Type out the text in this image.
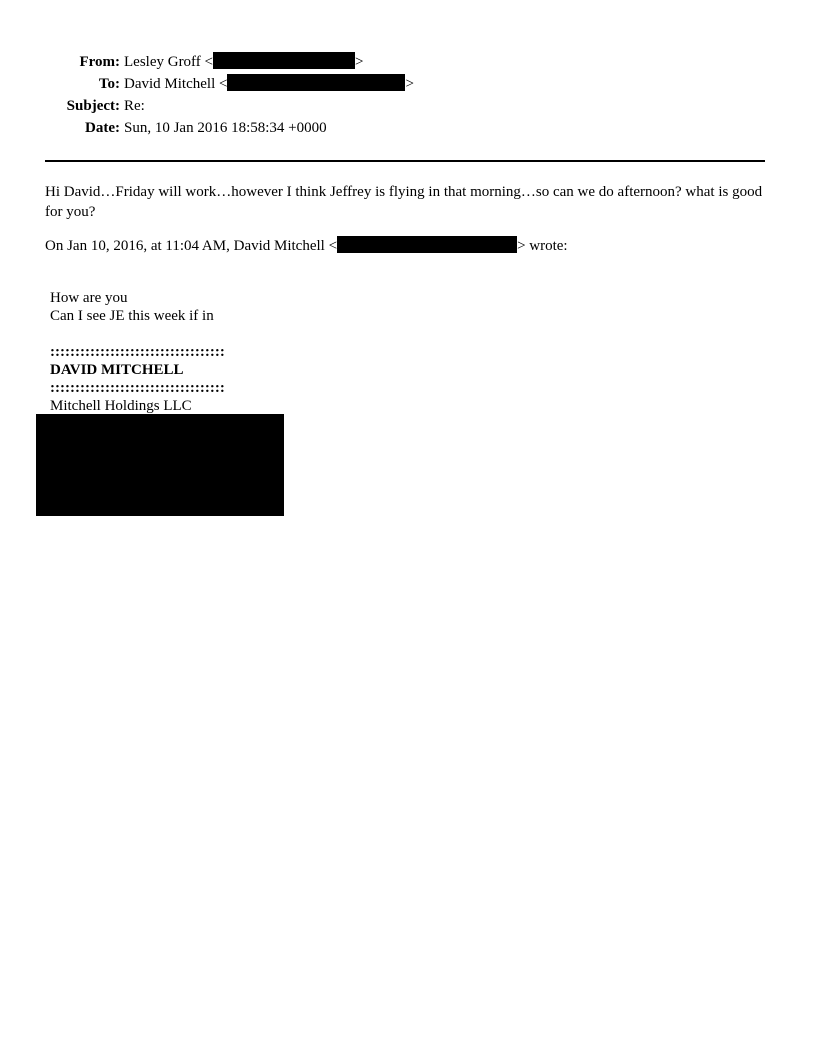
From: Lesley Groff <	>
To: David Mitchell <	>
Subject: Re:
Date: Sun, 10 Jan 2016 18:58:34 +0000
Hi David…Friday will work…however I think Jeffrey is flying in that morning…so can we do afternoon? what is good for you?
On Jan 10, 2016, at 11:04 AM, David Mitchell <	> wrote:
How are you
Can I see JE this week if in
:::::::::::::::::::::::::::::::::::
DAVID MITCHELL
:::::::::::::::::::::::::::::::::::
Mitchell Holdings LLC
